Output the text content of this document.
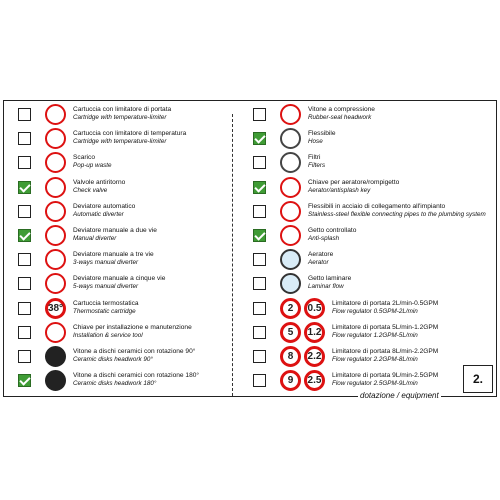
Cartuccia con limitatore di portata
Cartridge with temperature-limiter
Cartuccia con limitatore di temperatura
Cartridge with temperature-limiter
Scarico
Pop-up waste
Valvole antiritorno
Check valve
Deviatore automatico
Automatic diverter
Deviatore manuale a due vie
Manual diverter
Deviatore manuale a tre vie
3-ways manual diverter
Deviatore manuale a cinque vie
5-ways manual diverter
38°	Cartuccia termostatica
Thermostatic cartridge
Chiave per installazione e manutenzione
Installation & service tool
Vitone a dischi ceramici con rotazione 90°
Ceramic disks headwork 90°
Vitone a dischi ceramici con rotazione 180°
Ceramic disks headwork 180°
Vitone a compressione
Rubber-seal headwork
Flessibile
Hose
Filtri
Filters
Chiave per aeratore/rompigetto
Aerator/antisplash key
Flessibili in acciaio di collegamento all'impianto
Stainless-steel flexible connecting pipes to the plumbing system
Getto controllato
Anti-splash
Aeratore
Aerator
Getto laminare
Laminar flow
2	0.5	Limitatore di portata 2L/min-0.5GPM
Flow regulator 0.5GPM-2L/min
5	1.2	Limitatore di portata 5L/min-1.2GPM
Flow regulator 1.2GPM-5L/min
8	2.2	Limitatore di portata 8L/min-2.2GPM
Flow regulator 2.2GPM-8L/min
9	2.5	Limitatore di portata 9L/min-2.5GPM
Flow regulator 2.5GPM-9L/min	2.
dotazione / equipment
